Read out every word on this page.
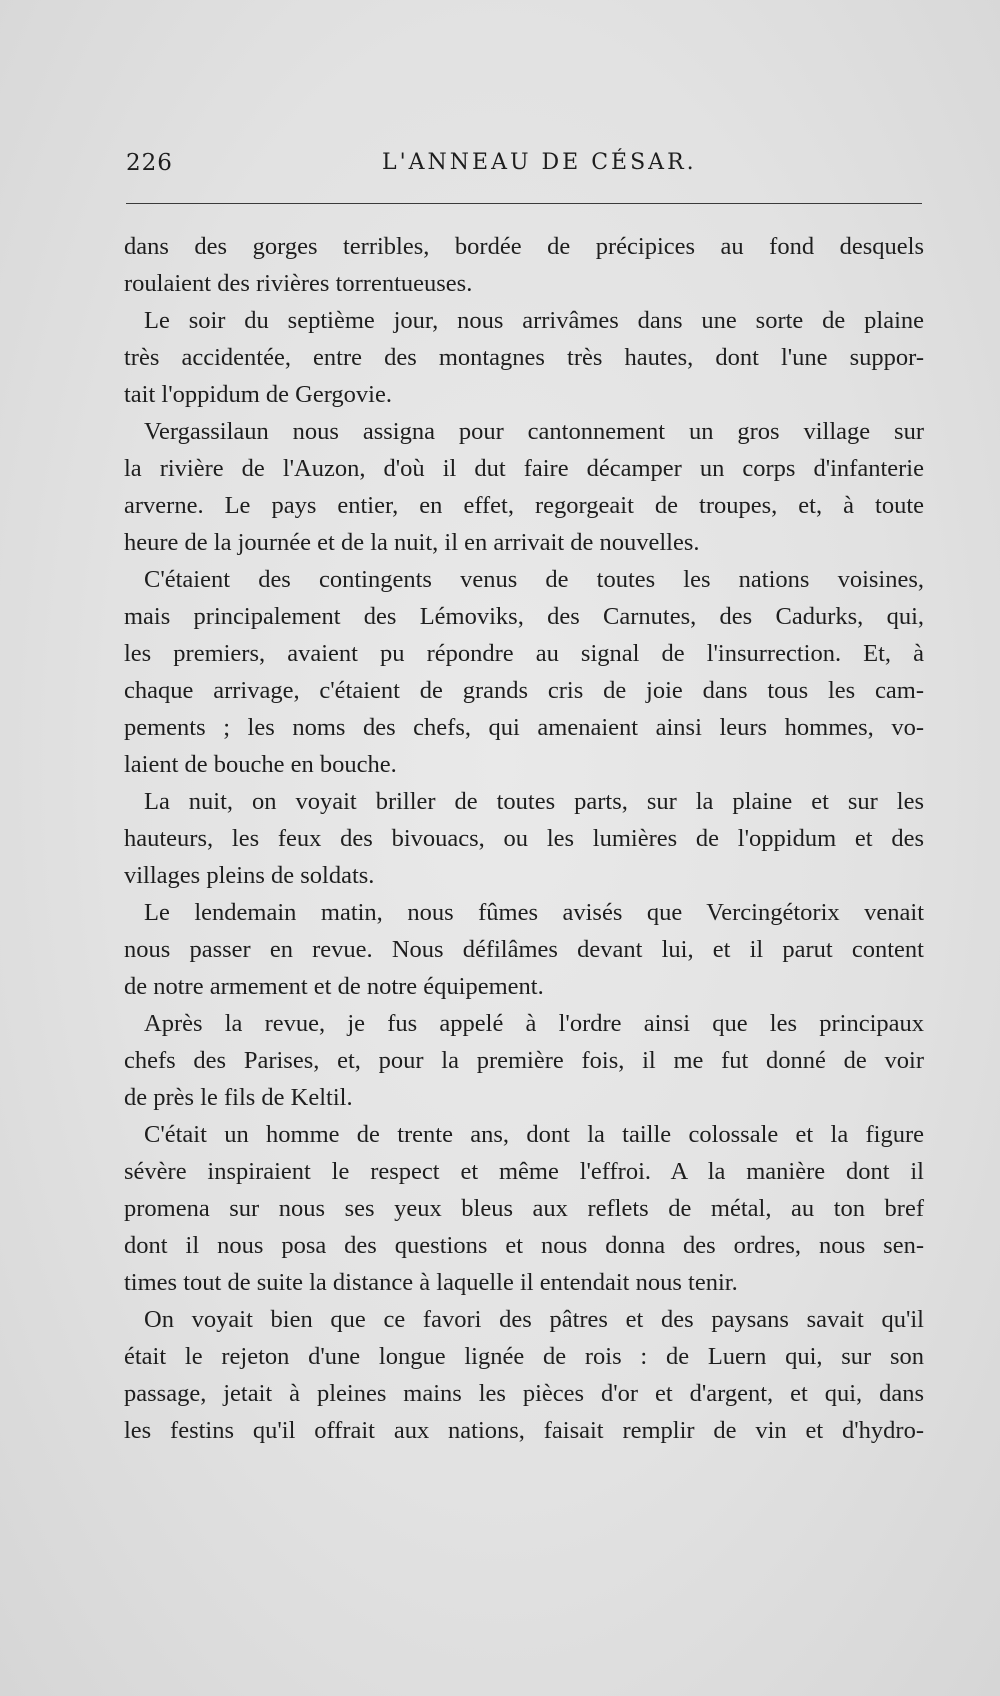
226	L'ANNEAU DE CÉSAR.
dans des gorges terribles, bordée de précipices au fond desquels
roulaient des rivières torrentueuses.
Le soir du septième jour, nous arrivâmes dans une sorte de plaine
très accidentée, entre des montagnes très hautes, dont l'une suppor-
tait l'oppidum de Gergovie.
Vergassilaun nous assigna pour cantonnement un gros village sur
la rivière de l'Auzon, d'où il dut faire décamper un corps d'infanterie
arverne. Le pays entier, en effet, regorgeait de troupes, et, à toute
heure de la journée et de la nuit, il en arrivait de nouvelles.
C'étaient des contingents venus de toutes les nations voisines,
mais principalement des Lémoviks, des Carnutes, des Cadurks, qui,
les premiers, avaient pu répondre au signal de l'insurrection. Et, à
chaque arrivage, c'étaient de grands cris de joie dans tous les cam-
pements ; les noms des chefs, qui amenaient ainsi leurs hommes, vo-
laient de bouche en bouche.
La nuit, on voyait briller de toutes parts, sur la plaine et sur les
hauteurs, les feux des bivouacs, ou les lumières de l'oppidum et des
villages pleins de soldats.
Le lendemain matin, nous fûmes avisés que Vercingétorix venait
nous passer en revue. Nous défilâmes devant lui, et il parut content
de notre armement et de notre équipement.
Après la revue, je fus appelé à l'ordre ainsi que les principaux
chefs des Parises, et, pour la première fois, il me fut donné de voir
de près le fils de Keltil.
C'était un homme de trente ans, dont la taille colossale et la figure
sévère inspiraient le respect et même l'effroi. A la manière dont il
promena sur nous ses yeux bleus aux reflets de métal, au ton bref
dont il nous posa des questions et nous donna des ordres, nous sen-
times tout de suite la distance à laquelle il entendait nous tenir.
On voyait bien que ce favori des pâtres et des paysans savait qu'il
était le rejeton d'une longue lignée de rois : de Luern qui, sur son
passage, jetait à pleines mains les pièces d'or et d'argent, et qui, dans
les festins qu'il offrait aux nations, faisait remplir de vin et d'hydro-
